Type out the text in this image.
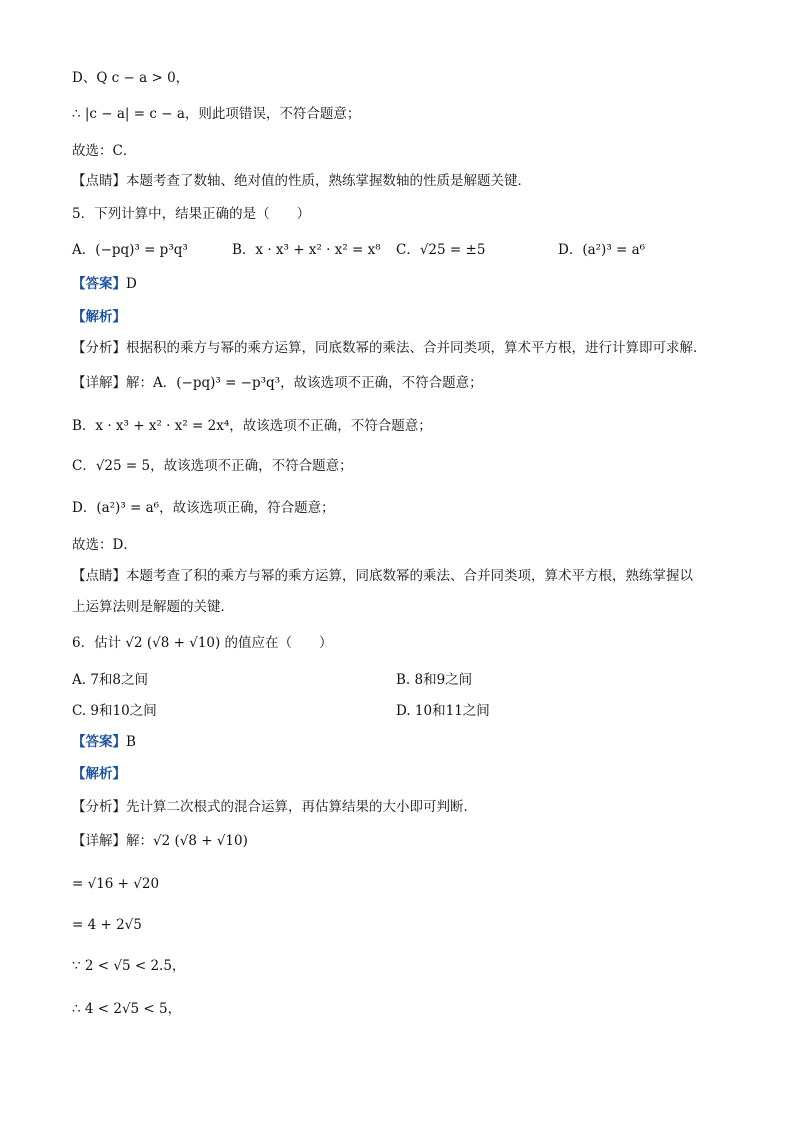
D、Q c − a > 0，
∴ |c − a| = c − a，则此项错误，不符合题意；
故选：C．
【点睛】本题考查了数轴、绝对值的性质，熟练掌握数轴的性质是解题关键．
5．下列计算中，结果正确的是（　　）
A．(−pq)³ = p³q³	B．x · x³ + x² · x² = x⁸ C．√25 = ±5	D．(a²)³ = a⁶
【答案】D
【解析】
【分析】根据积的乘方与幂的乘方运算，同底数幂的乘法、合并同类项，算术平方根，进行计算即可求解．
【详解】解：A．(−pq)³ = −p³q³，故该选项不正确，不符合题意；
B．x · x³ + x² · x² = 2x⁴，故该选项不正确，不符合题意；
C．√25 = 5，故该选项不正确，不符合题意；
D．(a²)³ = a⁶，故该选项正确，符合题意；
故选：D．
【点睛】本题考查了积的乘方与幂的乘方运算，同底数幂的乘法、合并同类项，算术平方根，熟练掌握以
上运算法则是解题的关键．
6．估计 √2 (√8 + √10) 的值应在（　　）
A. 7和8之间	B. 8和9之间
C. 9和10之间	D. 10和11之间
【答案】B
【解析】
【分析】先计算二次根式的混合运算，再估算结果的大小即可判断．
【详解】解：√2 (√8 + √10)
= √16 + √20
= 4 + 2√5
∵ 2 < √5 < 2.5，
∴ 4 < 2√5 < 5，
